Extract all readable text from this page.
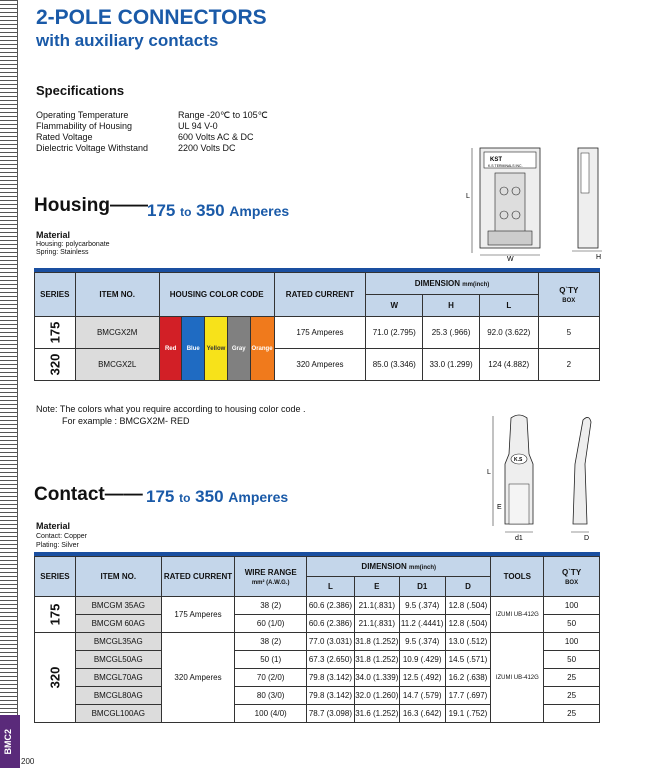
BMC2
200
2-POLE CONNECTORS
with auxiliary contacts
Specifications
Operating Temperature	Range -20℃ to 105℃
Flammability of Housing	UL 94 V-0
Rated Voltage	600 Volts AC & DC
Dielectric Voltage Withstand	2200 Volts DC
L
KST
K.S TERMINALS INC.
W	H
Housing—— 175 to 350 Amperes
Material
Housing: polycarbonate
Spring: Stainless
SERIES	ITEM NO.	HOUSING COLOR CODE					RATED CURRENT	DIMENSION mm(inch)			Q`TY
BOX
								W	H	L	
175	BMCGX2M	Red	Blue	Yellow	Gray	Orange	175 Amperes	71.0 (2.795)	25.3 (.966)	92.0 (3.622)	5
320	BMCGX2L						320 Amperes	85.0 (3.346)	33.0 (1.299)	124 (4.882)	2
Note: The colors what you require according to housing color code .
For example : BMCGX2M- RED
L
K.S
E
d1	D
Contact—— 175 to 350 Amperes
Material
Contact: Copper
Plating: Silver
SERIES	ITEM NO.	RATED CURRENT	WIRE RANGE
mm² (A.W.G.)	DIMENSION mm(inch)				TOOLS	Q`TY
BOX
				L	E	D1	D		
175	BMCGM 35AG	175 Amperes	38 (2)	60.6 (2.386)	21.1(.831)	9.5 (.374)	12.8 (.504)	IZUMI UB-412G	100
	BMCGM 60AG		60 (1/0)	60.6 (2.386)	21.1(.831)	11.2 (.4441)	12.8 (.504)		50
320	BMCGL35AG	320 Amperes	38 (2)	77.0 (3.031)	31.8 (1.252)	9.5 (.374)	13.0 (.512)	IZUMI UB-412G	100
	BMCGL50AG		50 (1)	67.3 (2.650)	31.8 (1.252)	10.9 (.429)	14.5 (.571)		50
	BMCGL70AG		70 (2/0)	79.8 (3.142)	34.0 (1.339)	12.5 (.492)	16.2 (.638)		25
	BMCGL80AG		80 (3/0)	79.8 (3.142)	32.0 (1.260)	14.7 (.579)	17.7 (.697)		25
	BMCGL100AG		100 (4/0)	78.7 (3.098)	31.6 (1.252)	16.3 (.642)	19.1 (.752)		25
